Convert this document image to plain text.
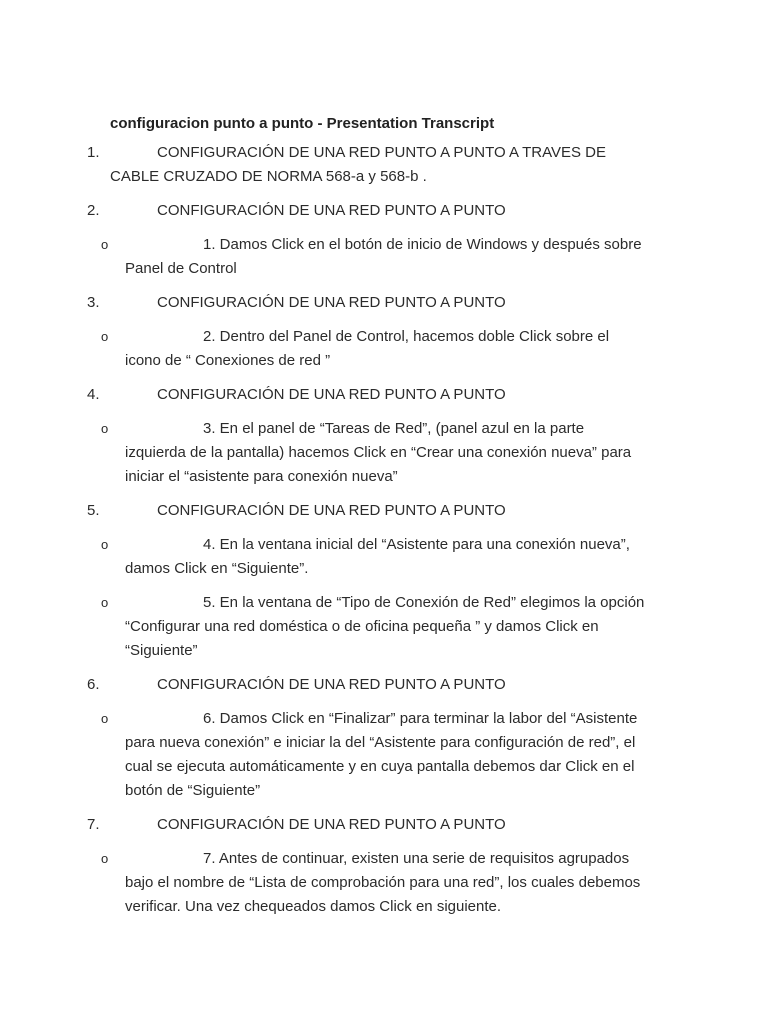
configuracion punto a punto - Presentation Transcript
1.	CONFIGURACIÓN DE UNA RED PUNTO A PUNTO A TRAVES DE CABLE CRUZADO DE NORMA 568-a y 568-b .
2.	CONFIGURACIÓN DE UNA RED PUNTO A PUNTO
o	1. Damos Click en el botón de inicio de Windows y después sobre Panel de Control
3.	CONFIGURACIÓN DE UNA RED PUNTO A PUNTO
o	2. Dentro del Panel de Control, hacemos doble Click sobre el icono de “ Conexiones de red ”
4.	CONFIGURACIÓN DE UNA RED PUNTO A PUNTO
o	3. En el panel de “Tareas de Red”, (panel azul en la parte izquierda de la pantalla) hacemos Click en “Crear una conexión nueva” para iniciar el “asistente para conexión nueva”
5.	CONFIGURACIÓN DE UNA RED PUNTO A PUNTO
o	4. En la ventana inicial del “Asistente para una conexión nueva”, damos Click en “Siguiente”.
o	5. En la ventana de “Tipo de Conexión de Red” elegimos la opción “Configurar una red doméstica o de oficina pequeña ” y damos Click en “Siguiente”
6.	CONFIGURACIÓN DE UNA RED PUNTO A PUNTO
o	6. Damos Click en “Finalizar” para terminar la labor del “Asistente para nueva conexión” e iniciar la del “Asistente para configuración de red”, el cual se ejecuta automáticamente y en cuya pantalla debemos dar Click en el botón de “Siguiente”
7.	CONFIGURACIÓN DE UNA RED PUNTO A PUNTO
o	7. Antes de continuar, existen una serie de requisitos agrupados bajo el nombre de “Lista de comprobación para una red”, los cuales debemos verificar. Una vez chequeados damos Click en siguiente.
